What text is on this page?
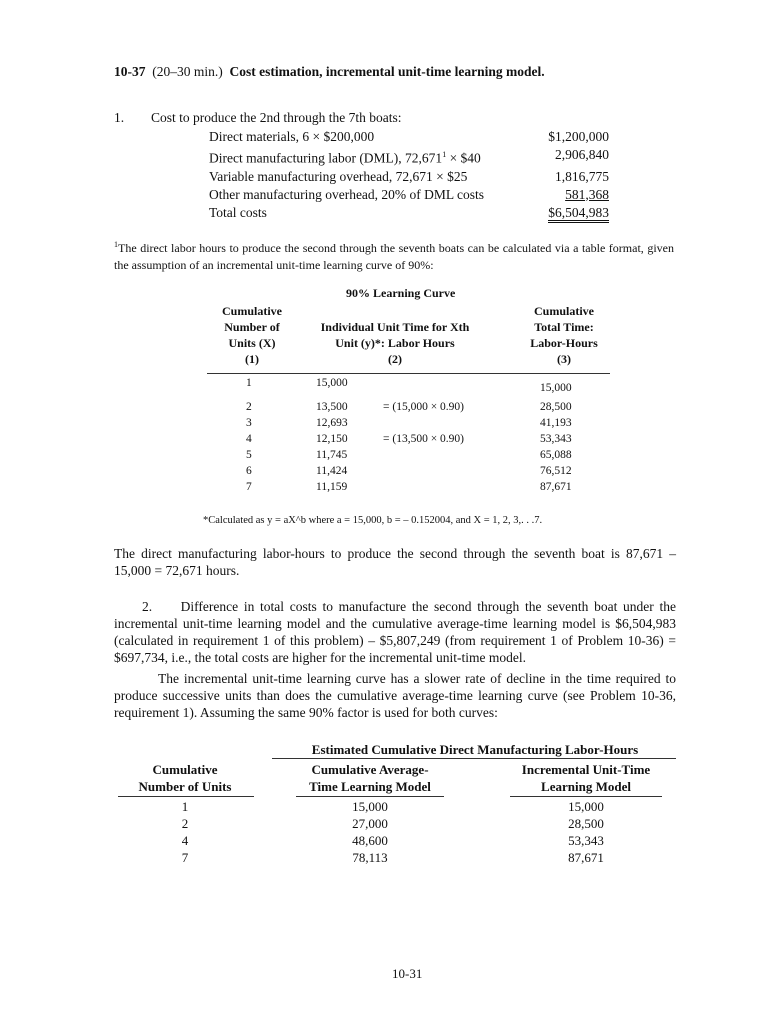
10-37 (20–30 min.) Cost estimation, incremental unit-time learning model.
1. Cost to produce the 2nd through the 7th boats:
Direct materials, 6 × $200,000	$1,200,000
Direct manufacturing labor (DML), $72,671^1$ × $40	2,906,840
Variable manufacturing overhead, 72,671 × $25	1,816,775
Other manufacturing overhead, 20% of DML costs	581,368
Total costs	$6,504,983
$^1$The direct labor hours to produce the second through the seventh boats can be calculated via a table format, given the assumption of an incremental unit-time learning curve of 90%:
90% Learning Curve
Cumulative
Number of
Units (X)
(1)
Individual Unit Time for Xth
Unit (y)*: Labor Hours
(2)
Cumulative
Total Time:
Labor-Hours
(3)
1	15,000	15,000
2	13,500	= (15,000 × 0.90)	28,500
3	12,693	41,193
4	12,150	= (13,500 × 0.90)	53,343
5	11,745	65,088
6	11,424	76,512
7	11,159	87,671
*Calculated as y = aX^b where a = 15,000, b = – 0.152004, and X = 1, 2, 3,. . .7.
The direct manufacturing labor-hours to produce the second through the seventh boat is 87,671 – 15,000 = 72,671 hours.
2. Difference in total costs to manufacture the second through the seventh boat under the incremental unit-time learning model and the cumulative average-time learning model is $6,504,983 (calculated in requirement 1 of this problem) – $5,807,249 (from requirement 1 of Problem 10-36) = $697,734, i.e., the total costs are higher for the incremental unit-time model.
The incremental unit-time learning curve has a slower rate of decline in the time required to produce successive units than does the cumulative average-time learning curve (see Problem 10-36, requirement 1). Assuming the same 90% factor is used for both curves:
Estimated Cumulative Direct Manufacturing Labor-Hours
Cumulative
Number of Units
Cumulative Average-
Time Learning Model
Incremental Unit-Time
Learning Model
1	15,000	15,000
2	27,000	28,500
4	48,600	53,343
7	78,113	87,671
10-31
